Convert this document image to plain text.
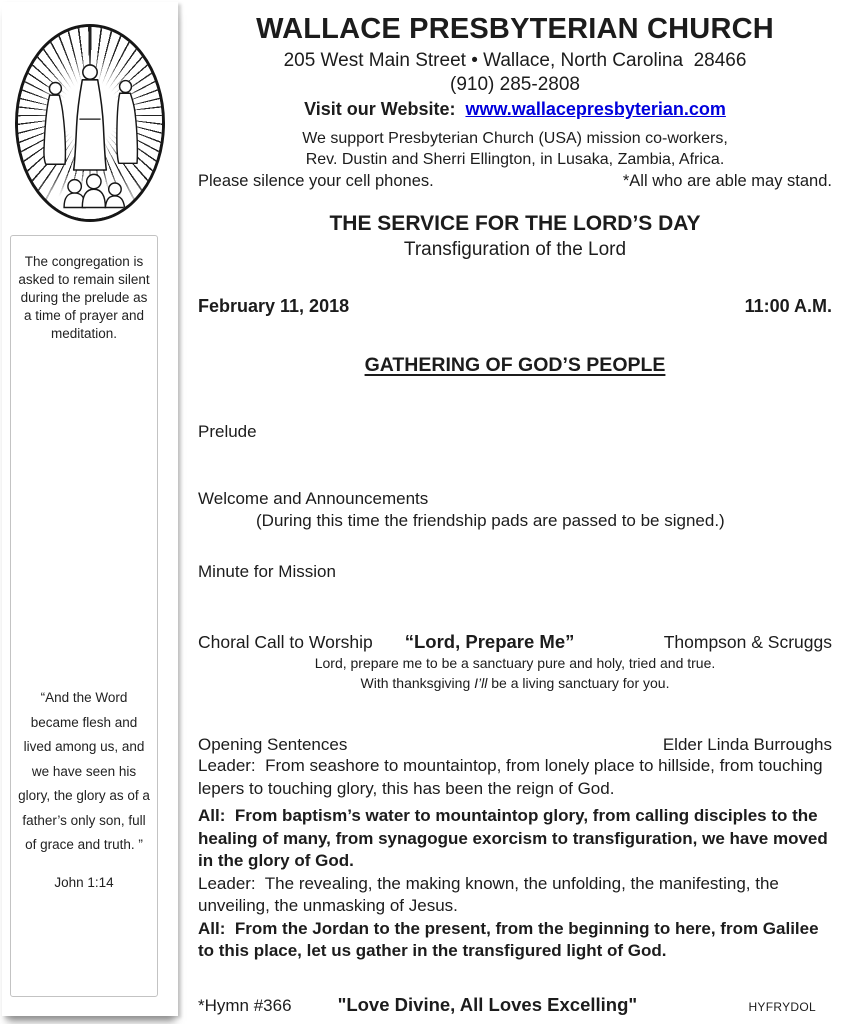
The congregation is asked to remain silent during the prelude as a time of prayer and meditation.
“And the Word became flesh and lived among us, and we have seen his glory, the glory as of a father’s only son, full of grace and truth. ”
John 1:14
WALLACE PRESBYTERIAN CHURCH
205 West Main Street • Wallace, North Carolina  28466
(910) 285-2808
Visit our Website:  www.wallacepresbyterian.com
We support Presbyterian Church (USA) mission co-workers,
Rev. Dustin and Sherri Ellington, in Lusaka, Zambia, Africa.
Please silence your cell phones.	*All who are able may stand.
THE SERVICE FOR THE LORD’S DAY
Transfiguration of the Lord
February 11, 2018	11:00 A.M.
GATHERING OF GOD’S PEOPLE
Prelude
Welcome and Announcements
(During this time the friendship pads are passed to be signed.)
Minute for Mission
Choral Call to Worship “Lord, Prepare Me”	Thompson & Scruggs
Lord, prepare me to be a sanctuary pure and holy, tried and true.
With thanksgiving I’ll be a living sanctuary for you.
Opening Sentences	Elder Linda Burroughs
Leader:  From seashore to mountaintop, from lonely place to hillside, from touching lepers to touching glory, this has been the reign of God.
All:  From baptism’s water to mountaintop glory, from calling disciples to the healing of many, from synagogue exorcism to transfiguration, we have moved in the glory of God.
Leader:  The revealing, the making known, the unfolding, the manifesting, the unveiling, the unmasking of Jesus.
All:  From the Jordan to the present, from the beginning to here, from Galilee to this place, let us gather in the transfigured light of God.
*Hymn #366 "Love Divine, All Loves Excelling"	HYFRYDOL
